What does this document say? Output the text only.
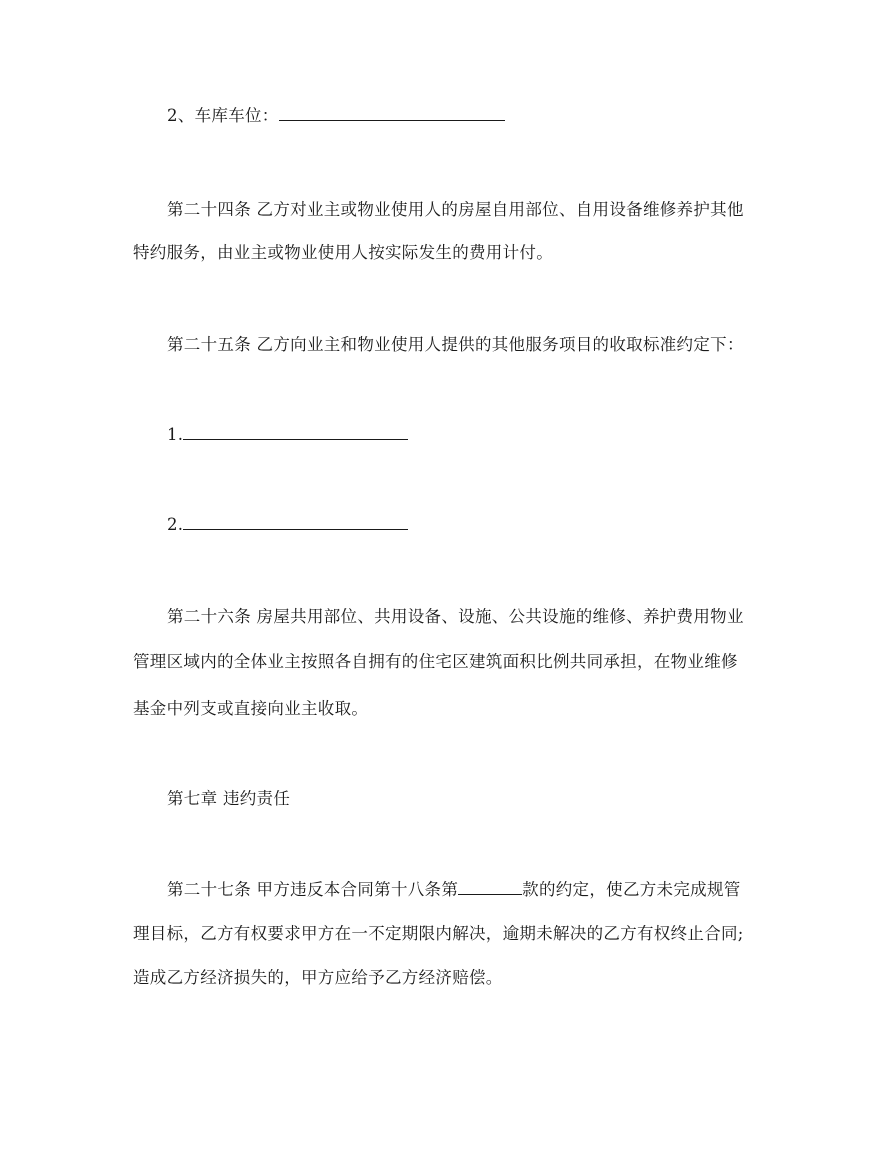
2、车库车位：
第二十四条 乙方对业主或物业使用人的房屋自用部位、自用设备维修养护其他
特约服务，由业主或物业使用人按实际发生的费用计付。
第二十五条 乙方向业主和物业使用人提供的其他服务项目的收取标准约定下：
1.
2.
第二十六条 房屋共用部位、共用设备、设施、公共设施的维修、养护费用物业
管理区域内的全体业主按照各自拥有的住宅区建筑面积比例共同承担，在物业维修
基金中列支或直接向业主收取。
第七章 违约责任
第二十七条 甲方违反本合同第十八条第	款的约定，使乙方未完成规管
理目标，乙方有权要求甲方在一不定期限内解决，逾期未解决的乙方有权终止合同;
造成乙方经济损失的，甲方应给予乙方经济赔偿。
